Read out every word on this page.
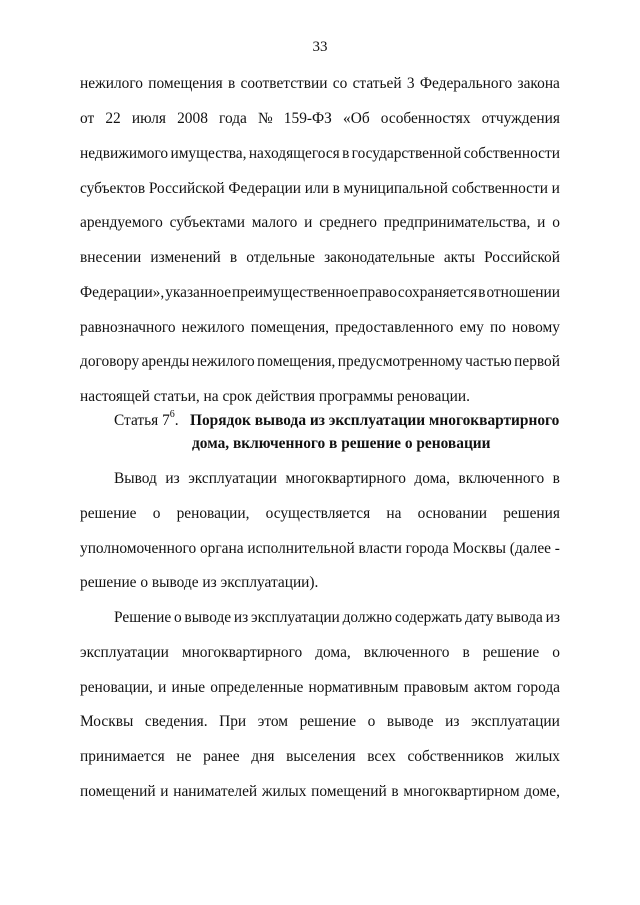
33
нежилого помещения в соответствии со статьей 3 Федерального закона
от 22 июля 2008 года № 159-ФЗ «Об особенностях отчуждения
недвижимого имущества, находящегося в государственной собственности
субъектов Российской Федерации или в муниципальной собственности и
арендуемого субъектами малого и среднего предпринимательства, и о
внесении изменений в отдельные законодательные акты Российской
Федерации», указанное преимущественное право сохраняется в отношении
равнозначного нежилого помещения, предоставленного ему по новому
договору аренды нежилого помещения, предусмотренному частью первой
настоящей статьи, на срок действия программы реновации.
Статья $7^6$. Порядок вывода из эксплуатации многоквартирного
дома, включенного в решение о реновации
Вывод из эксплуатации многоквартирного дома, включенного в
решение о реновации, осуществляется на основании решения
уполномоченного органа исполнительной власти города Москвы (далее -
решение о выводе из эксплуатации).
Решение о выводе из эксплуатации должно содержать дату вывода из
эксплуатации многоквартирного дома, включенного в решение о
реновации, и иные определенные нормативным правовым актом города
Москвы сведения. При этом решение о выводе из эксплуатации
принимается не ранее дня выселения всех собственников жилых
помещений и нанимателей жилых помещений в многоквартирном доме,
